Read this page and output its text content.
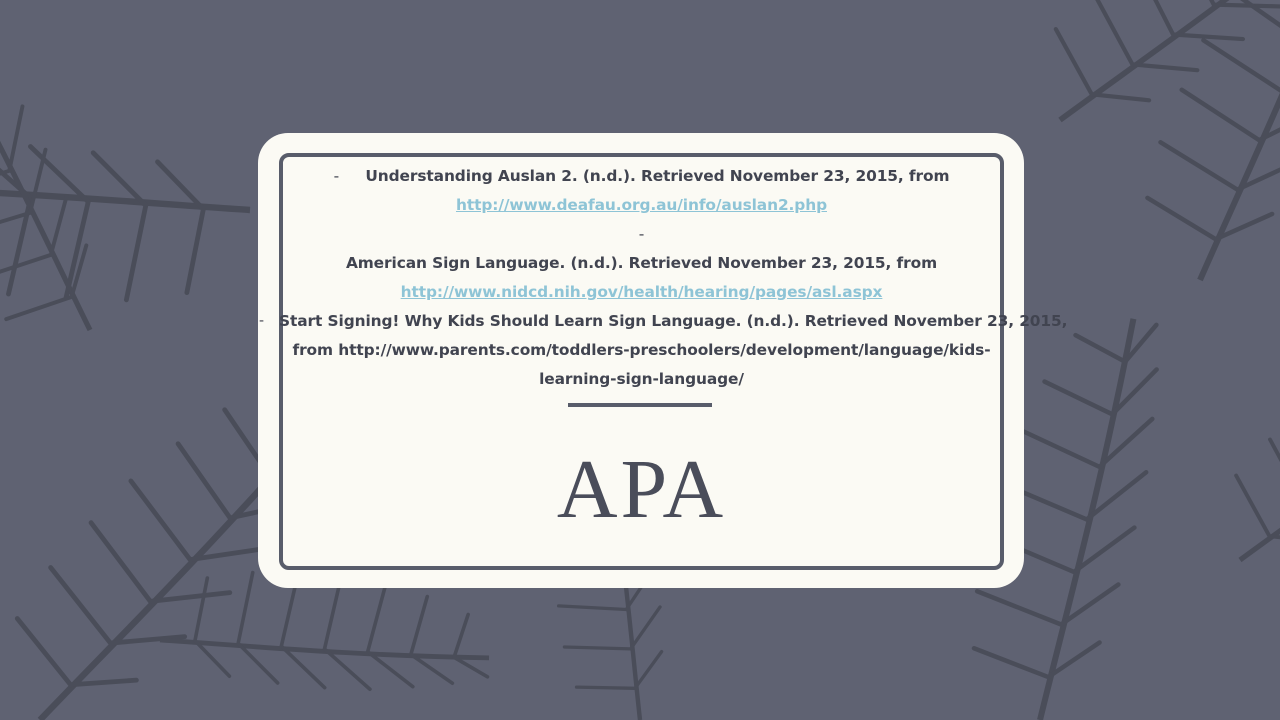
- Understanding Auslan 2. (n.d.). Retrieved November 23, 2015, from
http://www.deafau.org.au/info/auslan2.php
-
American Sign Language. (n.d.). Retrieved November 23, 2015, from
http://www.nidcd.nih.gov/health/hearing/pages/asl.aspx
Start Signing! Why Kids Should Learn Sign Language. (n.d.). Retrieved November 23, 2015,
from http://www.parents.com/toddlers-preschoolers/development/language/kids-
learning-sign-language/
-
APA
